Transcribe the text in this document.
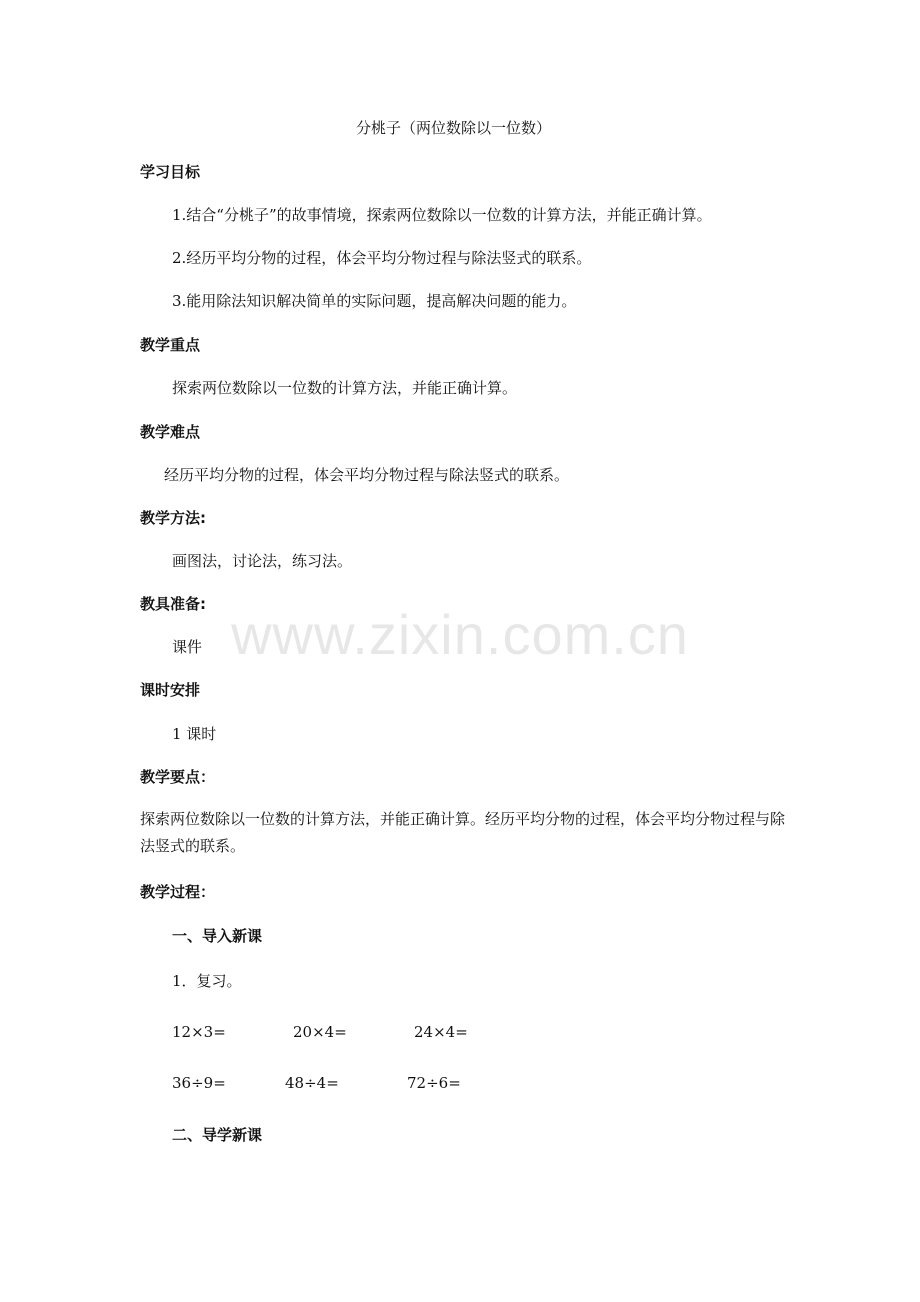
分桃子（两位数除以一位数）
学习目标
1.结合“分桃子”的故事情境，探索两位数除以一位数的计算方法，并能正确计算。
2.经历平均分物的过程，体会平均分物过程与除法竖式的联系。
3.能用除法知识解决简单的实际问题，提高解决问题的能力。
教学重点
探索两位数除以一位数的计算方法，并能正确计算。
教学难点
经历平均分物的过程，体会平均分物过程与除法竖式的联系。
教学方法:
画图法，讨论法，练习法。
教具准备:
课件
课时安排
1 课时
教学要点：
探索两位数除以一位数的计算方法，并能正确计算。经历平均分物的过程，体会平均分物过程与除法竖式的联系。
教学过程：
一、导入新课
1．复习。
12×3=	20×4=	24×4=
36÷9=	48÷4=	72÷6=
二、导学新课
www.zixin.com.cn
